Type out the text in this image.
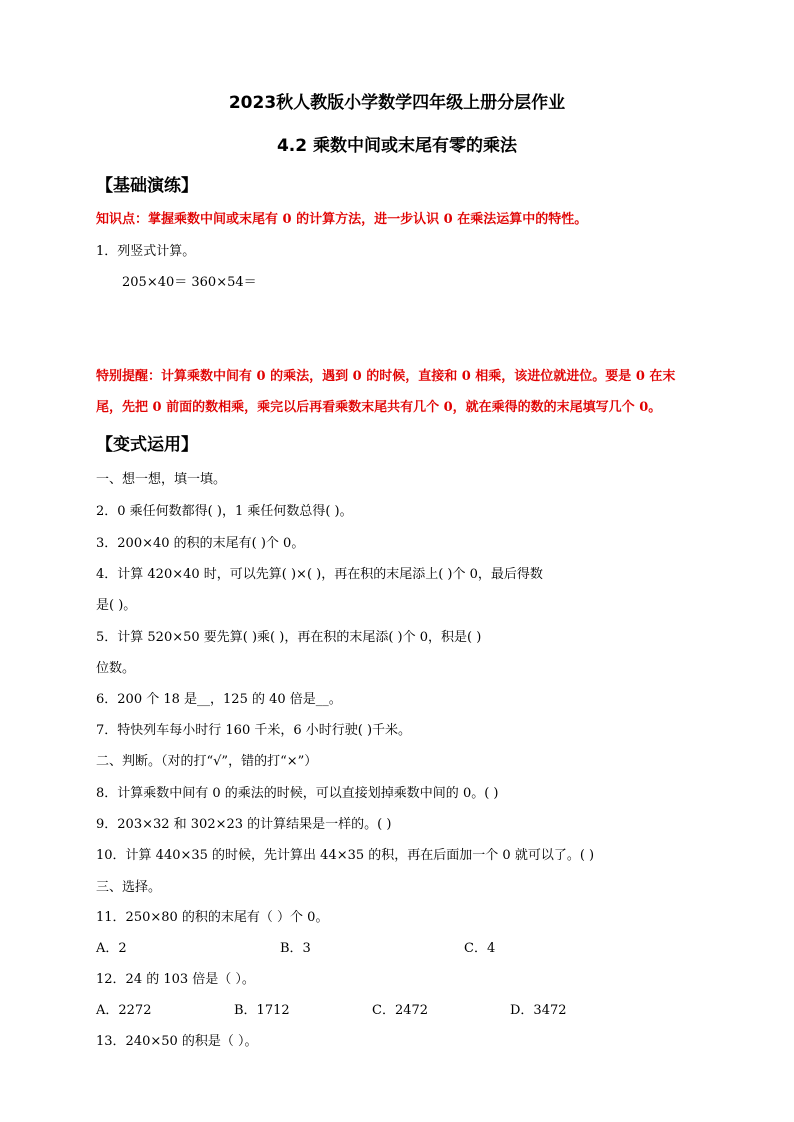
2023秋人教版小学数学四年级上册分层作业
4.2 乘数中间或末尾有零的乘法
【基础演练】
知识点：掌握乘数中间或末尾有 0 的计算方法，进一步认识 0 在乘法运算中的特性。
1．列竖式计算。
205×40＝ 360×54＝
特别提醒：计算乘数中间有 0 的乘法，遇到 0 的时候，直接和 0 相乘，该进位就进位。要是 0 在末
尾，先把 0 前面的数相乘，乘完以后再看乘数末尾共有几个 0，就在乘得的数的末尾填写几个 0。
【变式运用】
一、想一想，填一填。
2．0 乘任何数都得( )，1 乘任何数总得( )。
3．200×40 的积的末尾有( )个 0。
4．计算 420×40 时，可以先算( )×( )，再在积的末尾添上( )个 0，最后得数
是( )。
5．计算 520×50 要先算( )乘( )，再在积的末尾添( )个 0，积是( )
位数。
6．200 个 18 是__，125 的 40 倍是__。
7．特快列车每小时行 160 千米，6 小时行驶( )千米。
二、判断。（对的打“√”，错的打“×”）
8．计算乘数中间有 0 的乘法的时候，可以直接划掉乘数中间的 0。( )
9．203×32 和 302×23 的计算结果是一样的。( )
10．计算 440×35 的时候，先计算出 44×35 的积，再在后面加一个 0 就可以了。( )
三、选择。
11．250×80 的积的末尾有（ ）个 0。
A．2	B．3	C．4
12．24 的 103 倍是（ ）。
A．2272	B．1712	C．2472	D．3472
13．240×50 的积是（ ）。
